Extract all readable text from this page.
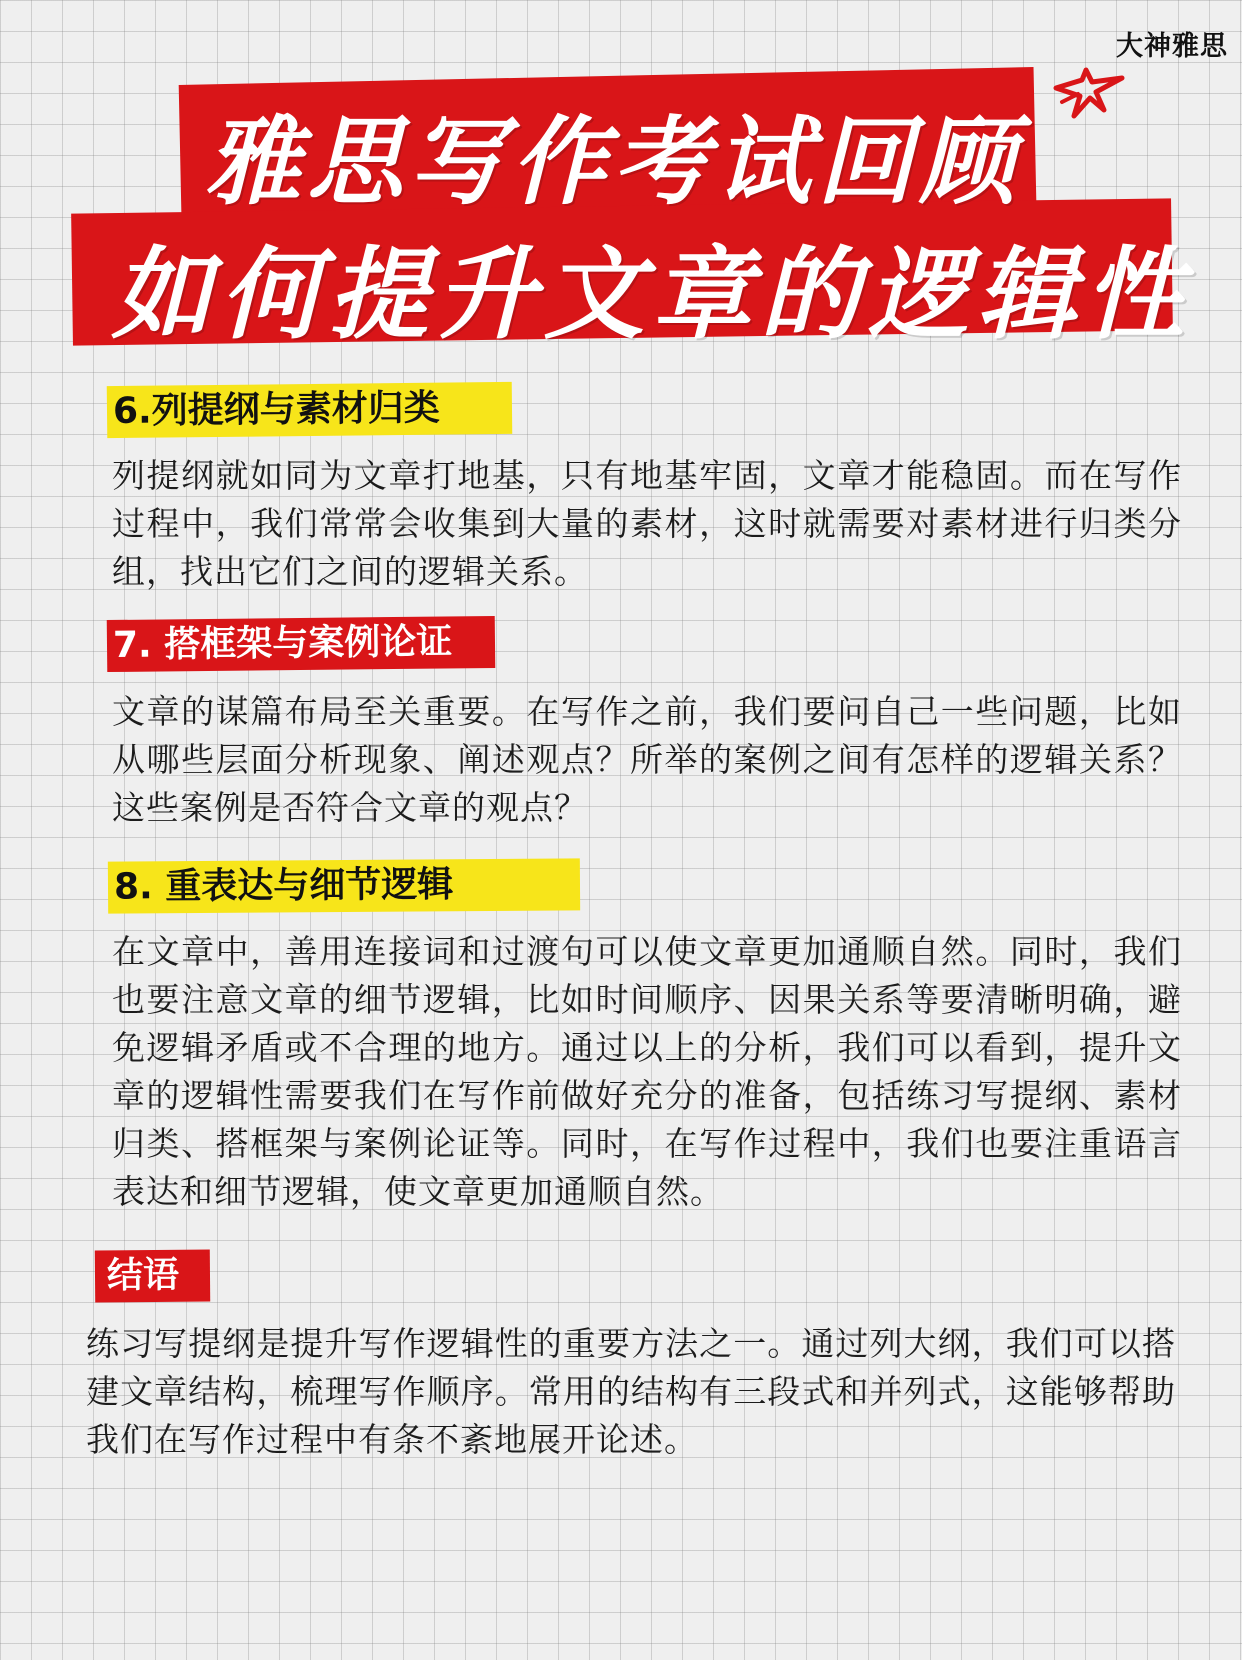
大神雅思
雅思写作考试回顾
如何提升文章的逻辑性
6.列提纲与素材归类

列提纲就如同为文章打地基，只有地基牢固，文章才能稳固。而在写作过程中，我们常常会收集到大量的素材，这时就需要对素材进行归类分组，找出它们之间的逻辑关系。

7. 搭框架与案例论证

文章的谋篇布局至关重要。在写作之前，我们要问自己一些问题，比如从哪些层面分析现象、阐述观点？所举的案例之间有怎样的逻辑关系？这些案例是否符合文章的观点？

8. 重表达与细节逻辑

在文章中，善用连接词和过渡句可以使文章更加通顺自然。同时，我们也要注意文章的细节逻辑，比如时间顺序、因果关系等要清晰明确，避免逻辑矛盾或不合理的地方。通过以上的分析，我们可以看到，提升文章的逻辑性需要我们在写作前做好充分的准备，包括练习写提纲、素材归类、搭框架与案例论证等。同时，在写作过程中，我们也要注重语言表达和细节逻辑，使文章更加通顺自然。

结语

练习写提纲是提升写作逻辑性的重要方法之一。通过列大纲，我们可以搭建文章结构，梳理写作顺序。常用的结构有三段式和并列式，这能够帮助我们在写作过程中有条不紊地展开论述。
